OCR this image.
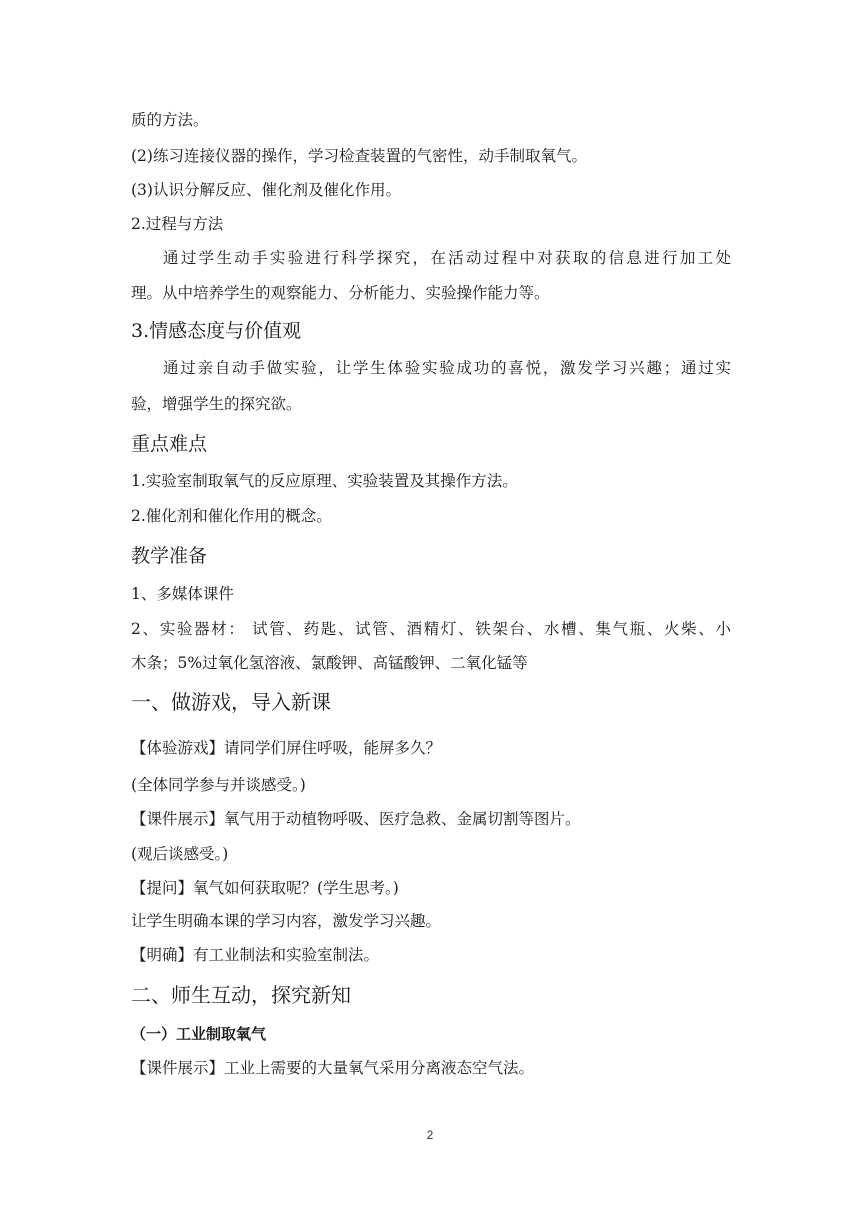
质的方法。
(2)练习连接仪器的操作，学习检查装置的气密性，动手制取氧气。
(3)认识分解反应、催化剂及催化作用。
2.过程与方法
通过学生动手实验进行科学探究，在活动过程中对获取的信息进行加工处
理。从中培养学生的观察能力、分析能力、实验操作能力等。
3.情感态度与价值观
通过亲自动手做实验，让学生体验实验成功的喜悦，激发学习兴趣；通过实
验，增强学生的探究欲。
重点难点
1.实验室制取氧气的反应原理、实验装置及其操作方法。
2.催化剂和催化作用的概念。
教学准备
1、多媒体课件
2、实验器材： 试管、药匙、试管、酒精灯、铁架台、水槽、集气瓶、火柴、小
木条；5%过氧化氢溶液、氯酸钾、高锰酸钾、二氧化锰等
一、做游戏，导入新课
【体验游戏】请同学们屏住呼吸，能屏多久？
(全体同学参与并谈感受。)
【课件展示】氧气用于动植物呼吸、医疗急救、金属切割等图片。
(观后谈感受。)
【提问】氧气如何获取呢？(学生思考。)
让学生明确本课的学习内容，激发学习兴趣。
【明确】有工业制法和实验室制法。
二、师生互动，探究新知
（一）工业制取氧气
【课件展示】工业上需要的大量氧气采用分离液态空气法。
2
